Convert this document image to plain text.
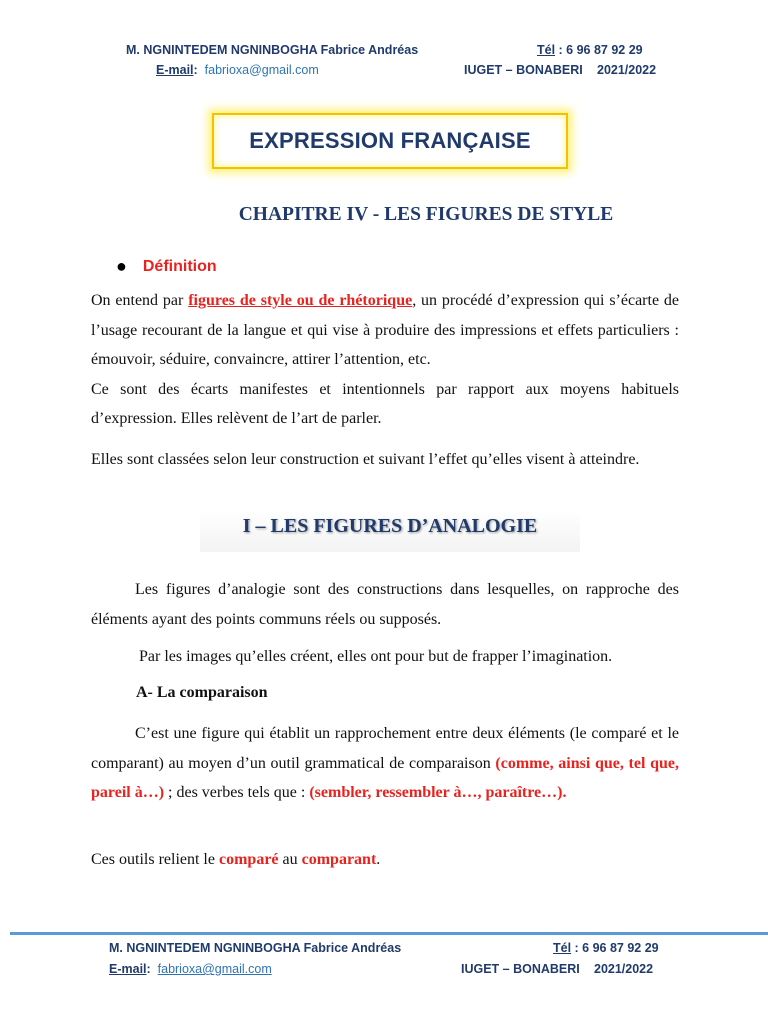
M. NGNINTEDEM NGNINBOGHA Fabrice Andréas	Tél : 6 96 87 92 29
E-mail: fabrioxa@gmail.com	IUGET – BONABERI 2021/2022
EXPRESSION FRANÇAISE
CHAPITRE IV - LES FIGURES DE STYLE
● Définition
On entend par figures de style ou de rhétorique, un procédé d’expression qui s’écarte de l’usage recourant de la langue et qui vise à produire des impressions et effets particuliers : émouvoir, séduire, convaincre, attirer l’attention, etc.
Ce sont des écarts manifestes et intentionnels par rapport aux moyens habituels d’expression. Elles relèvent de l’art de parler.
Elles sont classées selon leur construction et suivant l’effet qu’elles visent à atteindre.
I – LES FIGURES D’ANALOGIE
Les figures d’analogie sont des constructions dans lesquelles, on rapproche des éléments ayant des points communs réels ou supposés.
Par les images qu’elles créent, elles ont pour but de frapper l’imagination.
A- La comparaison
C’est une figure qui établit un rapprochement entre deux éléments (le comparé et le comparant) au moyen d’un outil grammatical de comparaison (comme, ainsi que, tel que, pareil à…) ; des verbes tels que : (sembler, ressembler à…, paraître…).
Ces outils relient le comparé au comparant.
M. NGNINTEDEM NGNINBOGHA Fabrice Andréas	Tél : 6 96 87 92 29
E-mail: fabrioxa@gmail.com	IUGET – BONABERI 2021/2022
